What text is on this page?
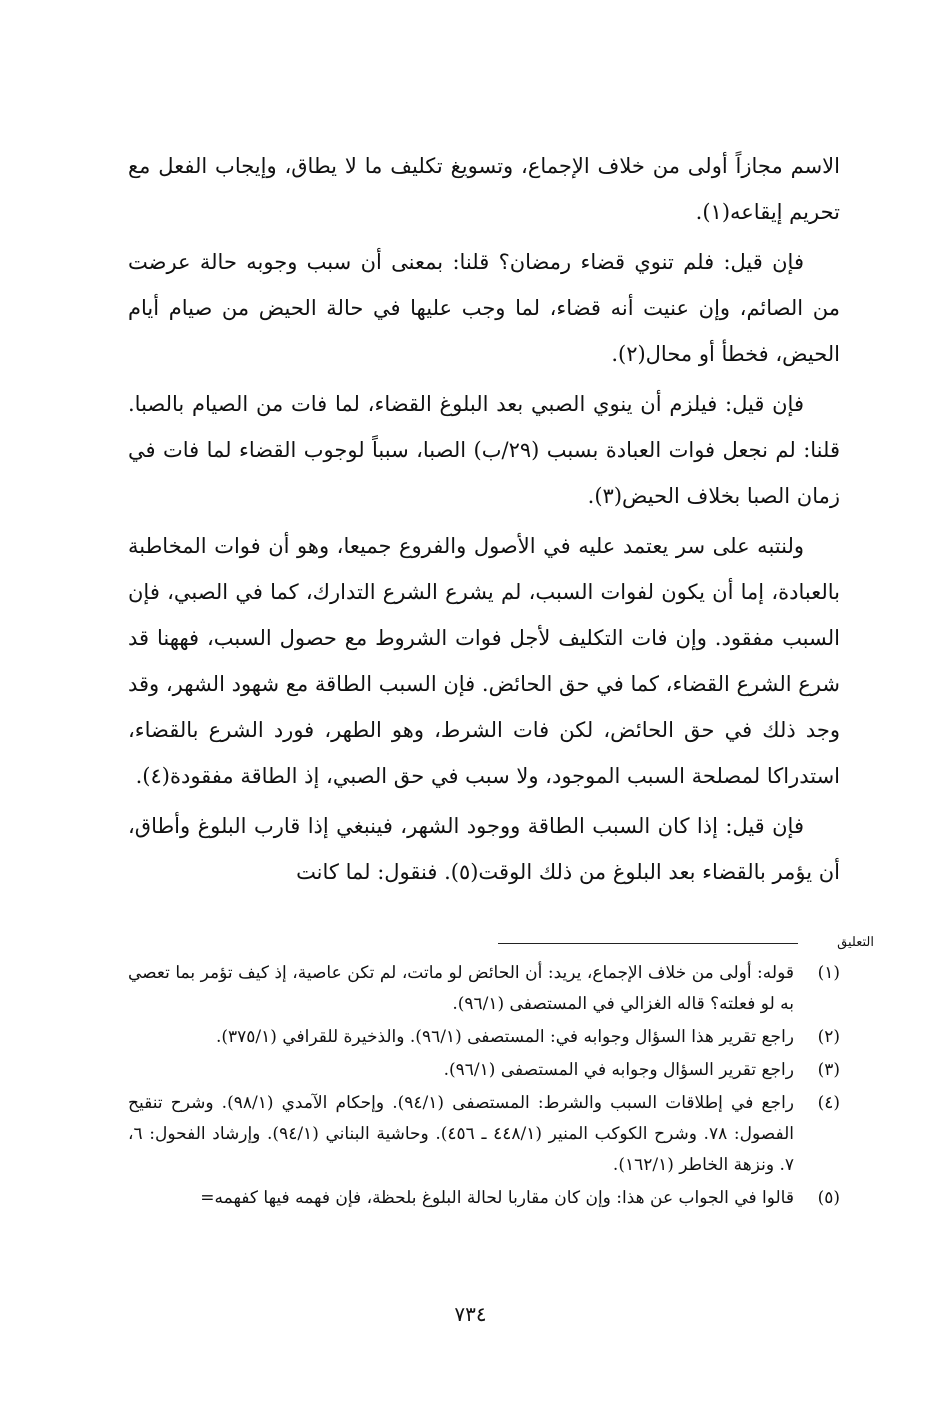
الاسم مجازاً أولى من خلاف الإجماع، وتسويغ تكليف ما لا يطاق، وإيجاب الفعل مع تحريم إيقاعه(١).

فإن قيل: فلم تنوي قضاء رمضان؟ قلنا: بمعنى أن سبب وجوبه حالة عرضت من الصائم، وإن عنيت أنه قضاء، لما وجب عليها في حالة الحيض من صيام أيام الحيض، فخطأ أو محال(٢).

فإن قيل: فيلزم أن ينوي الصبي بعد البلوغ القضاء، لما فات من الصيام بالصبا. قلنا: لم نجعل فوات العبادة بسبب (٢٩/ب) الصبا، سبباً لوجوب القضاء لما فات في زمان الصبا بخلاف الحيض(٣).

ولنتبه على سر يعتمد عليه في الأصول والفروع جميعا، وهو أن فوات المخاطبة بالعبادة، إما أن يكون لفوات السبب، لم يشرع الشرع التدارك، كما في الصبي، فإن السبب مفقود. وإن فات التكليف لأجل فوات الشروط مع حصول السبب، فههنا قد شرع الشرع القضاء، كما في حق الحائض. فإن السبب الطاقة مع شهود الشهر، وقد وجد ذلك في حق الحائض، لكن فات الشرط، وهو الطهر، فورد الشرع بالقضاء، استدراكا لمصلحة السبب الموجود، ولا سبب في حق الصبي، إذ الطاقة مفقودة(٤).

فإن قيل: إذا كان السبب الطاقة ووجود الشهر، فينبغي إذا قارب البلوغ وأطاق، أن يؤمر بالقضاء بعد البلوغ من ذلك الوقت(٥). فنقول: لما كانت

التعليق
(١)
قوله: أولى من خلاف الإجماع، يريد: أن الحائض لو ماتت، لم تكن عاصية، إذ كيف تؤمر بما تعصي به لو فعلته؟ قاله الغزالي في المستصفى (٩٦/١).
(٢)
راجع تقرير هذا السؤال وجوابه في: المستصفى (٩٦/١). والذخيرة للقرافي (٣٧٥/١).
(٣)
راجع تقرير السؤال وجوابه في المستصفى (٩٦/١).
(٤)
راجع في إطلاقات السبب والشرط: المستصفى (٩٤/١). وإحكام الآمدي (٩٨/١). وشرح تنقيح الفصول: ٧٨. وشرح الكوكب المنير (٤٤٨/١ ـ ٤٥٦). وحاشية البناني (٩٤/١). وإرشاد الفحول: ٦، ٧. ونزهة الخاطر (١٦٢/١).
(٥)
قالوا في الجواب عن هذا: وإن كان مقاربا لحالة البلوغ بلحظة، فإن فهمه فيها كفهمه=
٧٣٤
